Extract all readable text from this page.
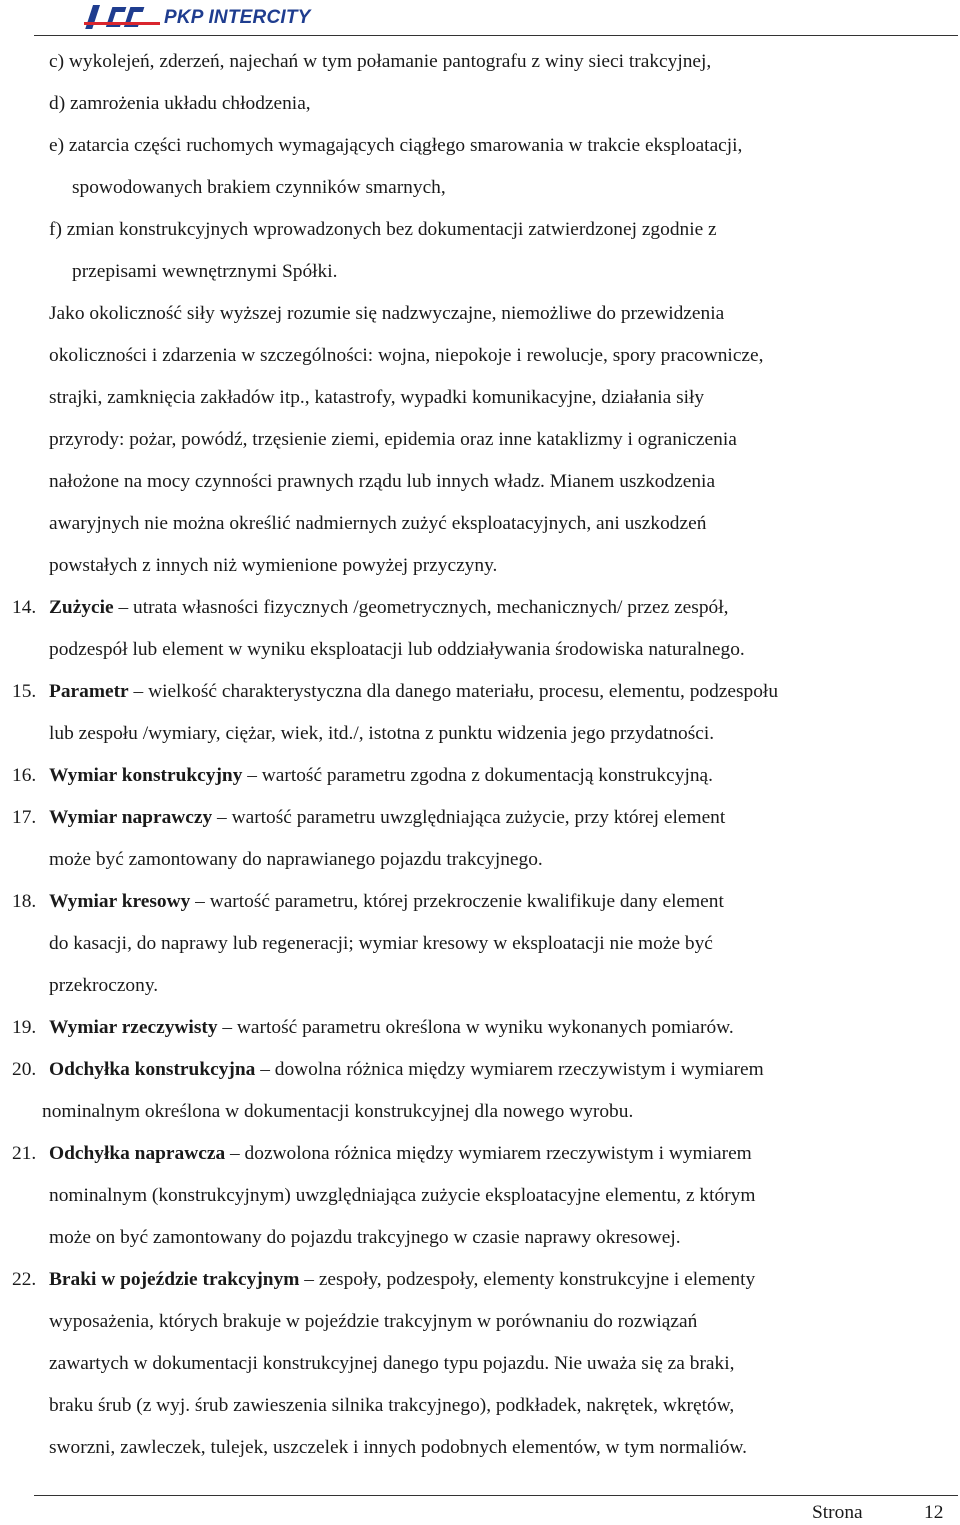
PKP INTERCITY
c) wykolejeń, zderzeń, najechań w tym połamanie pantografu z winy sieci trakcyjnej,
d) zamrożenia układu chłodzenia,
e) zatarcia części ruchomych wymagających ciągłego smarowania w trakcie eksploatacji,
spowodowanych brakiem czynników smarnych,
f) zmian konstrukcyjnych wprowadzonych bez dokumentacji zatwierdzonej zgodnie z
przepisami wewnętrznymi Spółki.
Jako okoliczność siły wyższej rozumie się nadzwyczajne, niemożliwe do przewidzenia
okoliczności i zdarzenia w szczególności: wojna, niepokoje i rewolucje, spory pracownicze,
strajki, zamknięcia zakładów itp., katastrofy, wypadki komunikacyjne, działania siły
przyrody: pożar, powódź, trzęsienie ziemi, epidemia oraz inne kataklizmy i ograniczenia
nałożone na mocy czynności prawnych rządu lub innych władz. Mianem uszkodzenia
awaryjnych nie można określić nadmiernych zużyć eksploatacyjnych, ani uszkodzeń
powstałych z innych niż wymienione powyżej przyczyny.
14. Zużycie – utrata własności fizycznych /geometrycznych, mechanicznych/ przez zespół,
podzespół lub element w wyniku eksploatacji lub oddziaływania środowiska naturalnego.
15. Parametr – wielkość charakterystyczna dla danego materiału, procesu, elementu, podzespołu
lub zespołu /wymiary, ciężar, wiek, itd./, istotna z punktu widzenia jego przydatności.
16. Wymiar konstrukcyjny – wartość parametru zgodna z dokumentacją konstrukcyjną.
17. Wymiar naprawczy – wartość parametru uwzględniająca zużycie, przy której element
może być zamontowany do naprawianego pojazdu trakcyjnego.
18. Wymiar kresowy – wartość parametru, której przekroczenie kwalifikuje dany element
do kasacji, do naprawy lub regeneracji; wymiar kresowy w eksploatacji nie może być
przekroczony.
19. Wymiar rzeczywisty – wartość parametru określona w wyniku wykonanych pomiarów.
20. Odchyłka konstrukcyjna – dowolna różnica między wymiarem rzeczywistym i wymiarem
nominalnym określona w dokumentacji konstrukcyjnej dla nowego wyrobu.
21. Odchyłka naprawcza – dozwolona różnica między wymiarem rzeczywistym i wymiarem
nominalnym (konstrukcyjnym) uwzględniająca zużycie eksploatacyjne elementu, z którym
może on być zamontowany do pojazdu trakcyjnego w czasie naprawy okresowej.
22. Braki w pojeździe trakcyjnym – zespoły, podzespoły, elementy konstrukcyjne i elementy
wyposażenia, których brakuje w pojeździe trakcyjnym w porównaniu do rozwiązań
zawartych w dokumentacji konstrukcyjnej danego typu pojazdu. Nie uważa się za braki,
braku śrub (z wyj. śrub zawieszenia silnika trakcyjnego), podkładek, nakrętek, wkrętów,
sworzni, zawleczek, tulejek, uszczelek i innych podobnych elementów, w tym normaliów.
Strona	12
